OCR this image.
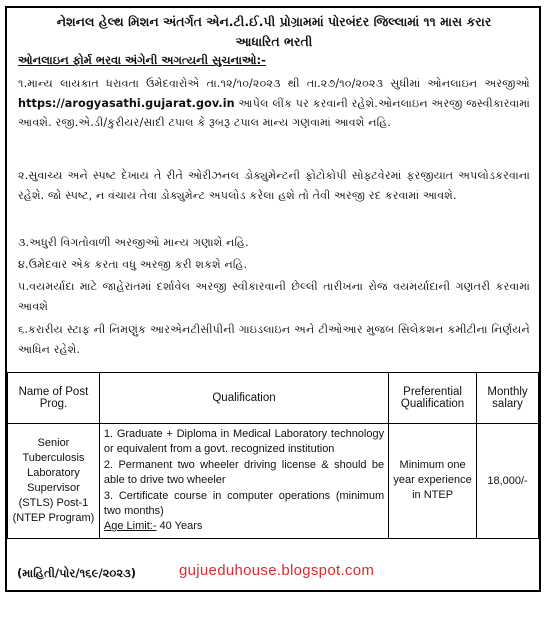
નેશનલ હેલ્થ મિશન અંતર્ગત એન.ટી.ઈ.પી પ્રોગ્રામમાં પોરબંદર જિલ્લામાં ૧૧ માસ કરાર
આધારિત ભરતી
ઓનલાઇન ફોર્મ ભરવા અંગેની અગત્યની સુચનાઓ:-
૧.માન્ય લાયકાત ધરાવતા ઉમેદવારોએ તા.૧૨/૧૦/૨૦૨૩ થી તા.૨૭/૧૦/૨૦૨૩ સુધીમાં ઓનલાઇન અરજીઓ https://arogyasathi.gujarat.gov.in આપેલ લીંક પર કરવાની રહેશે.ઓનલાઇન અરજી જસ્વીકારવામાં આવશે. રજી.એ.ડી/કુરીયર/સાદી ટપાલ કે રૂબરૂ ટપાલ માન્ય ગણવામાં આવશે નહિ.
૨.સુવાચ્ય અને સ્પષ્ટ દેખાય તે રીતે ઓરીઝનલ ડોક્યુમેન્ટની ફોટોકોપી સોફ્ટવેરમાં ફરજીયાત અપલોડકરવાના રહેશે. જો સ્પષ્ટ, ન વંચાય તેવા ડોક્યુમેન્ટ અપલોડ કરેલા હશે તો તેવી અરજી રદ કરવામાં આવશે.
૩.અધુરી વિગતોવાળી અરજીઓ માન્ય ગણાશે નહિ.
૪.ઉમેદવાર એક કરતા વધુ અરજી કરી શકશે નહિ.
૫.વયમર્યાદા માટે જાહેરાતમાં દર્શાવેલ અરજી સ્વીકારવાની છેલ્લી તારીખના રોજ વયમર્યાદાની ગણતરી કરવામાં આવશે
૬.કરારીય સ્ટાફ ની નિમણુંક આરએનટીસીપીની ગાઇડલાઇન અને ટીઓઆર મુજબ સિલેકશન કમીટીના નિર્ણયને આધિન રહેશે.
Name of Post Prog.	Qualification	Preferential Qualification	Monthly salary
Senior Tuberculosis Laboratory Supervisor (STLS) Post-1 (NTEP Program)	1. Graduate + Diploma in Medical Laboratory technology or equivalent from a govt. recognized institution
2. Permanent two wheeler driving license & should be able to drive two wheeler
3. Certificate course in computer operations (minimum two months)
Age Limit:- 40 Years	Minimum one year experience in NTEP	18,000/-
(માહિતી/પોર/૧૬૯/૨૦૨૩)	gujueduhouse.blogspot.com
